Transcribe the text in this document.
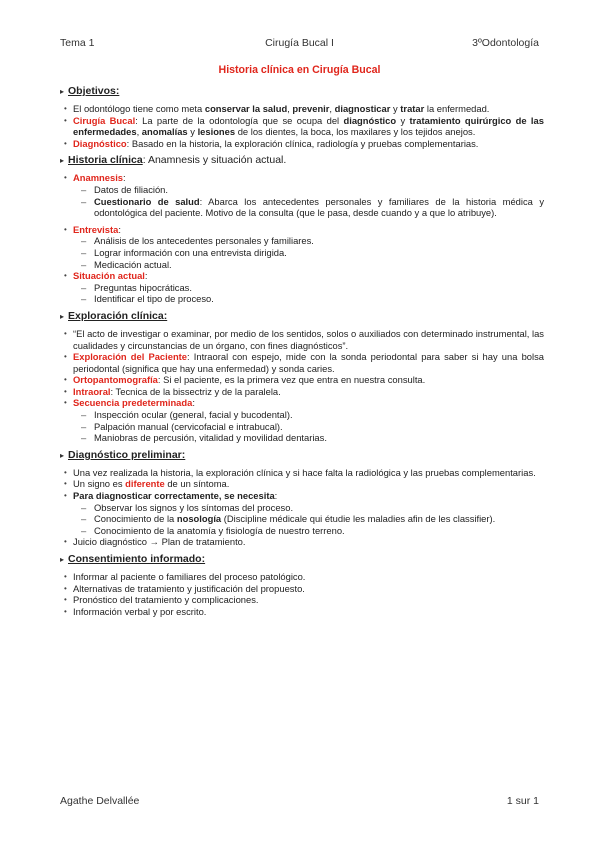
Tema 1	Cirugía Bucal I	3ºOdontología
Historia clínica en Cirugía Bucal
▸ Objetivos:
• El odontólogo tiene como meta conservar la salud, prevenir, diagnosticar y tratar la enfermedad.
• Cirugía Bucal: La parte de la odontología que se ocupa del diagnóstico y tratamiento quirúrgico de las enfermedades, anomalías y lesiones de los dientes, la boca, los maxilares y los tejidos anejos.
• Diagnóstico: Basado en la historia, la exploración clínica, radiología y pruebas complementarias.
▸ Historia clínica: Anamnesis y situación actual.
• Anamnesis:
– Datos de filiación.
– Cuestionario de salud: Abarca los antecedentes personales y familiares de la historia médica y odontológica del paciente. Motivo de la consulta (que le pasa, desde cuando y a que lo atribuye).
• Entrevista:
– Análisis de los antecedentes personales y familiares.
– Lograr información con una entrevista dirigida.
– Medicación actual.
• Situación actual:
– Preguntas hipocráticas.
– Identificar el tipo de proceso.
▸ Exploración clínica:
• “El acto de investigar o examinar, por medio de los sentidos, solos o auxiliados con determinado instrumental, las cualidades y circunstancias de un órgano, con fines diagnósticos”.
• Exploración del Paciente: Intraoral con espejo, mide con la sonda periodontal para saber si hay una bolsa periodontal (significa que hay una enfermedad) y sonda caries.
• Ortopantomografía: Si el paciente, es la primera vez que entra en nuestra consulta.
• Intraoral: Tecnica de la bissectriz y de la paralela.
• Secuencia predeterminada:
– Inspección ocular (general, facial y bucodental).
– Palpación manual (cervicofacial e intrabucal).
– Maniobras de percusión, vitalidad y movilidad dentarias.
▸ Diagnóstico preliminar:
• Una vez realizada la historia, la exploración clínica y si hace falta la radiológica y las pruebas complementarias.
• Un signo es diferente de un síntoma.
• Para diagnosticar correctamente, se necesita:
– Observar los signos y los síntomas del proceso.
– Conocimiento de la nosología (Discipline médicale qui étudie les maladies afin de les classifier).
– Conocimiento de la anatomía y fisiología de nuestro terreno.
• Juicio diagnóstico → Plan de tratamiento.
▸ Consentimiento informado:
• Informar al paciente o familiares del proceso patológico.
• Alternativas de tratamiento y justificación del propuesto.
• Pronóstico del tratamiento y complicaciones.
• Información verbal y por escrito.
Agathe Delvallée	1 sur 1
